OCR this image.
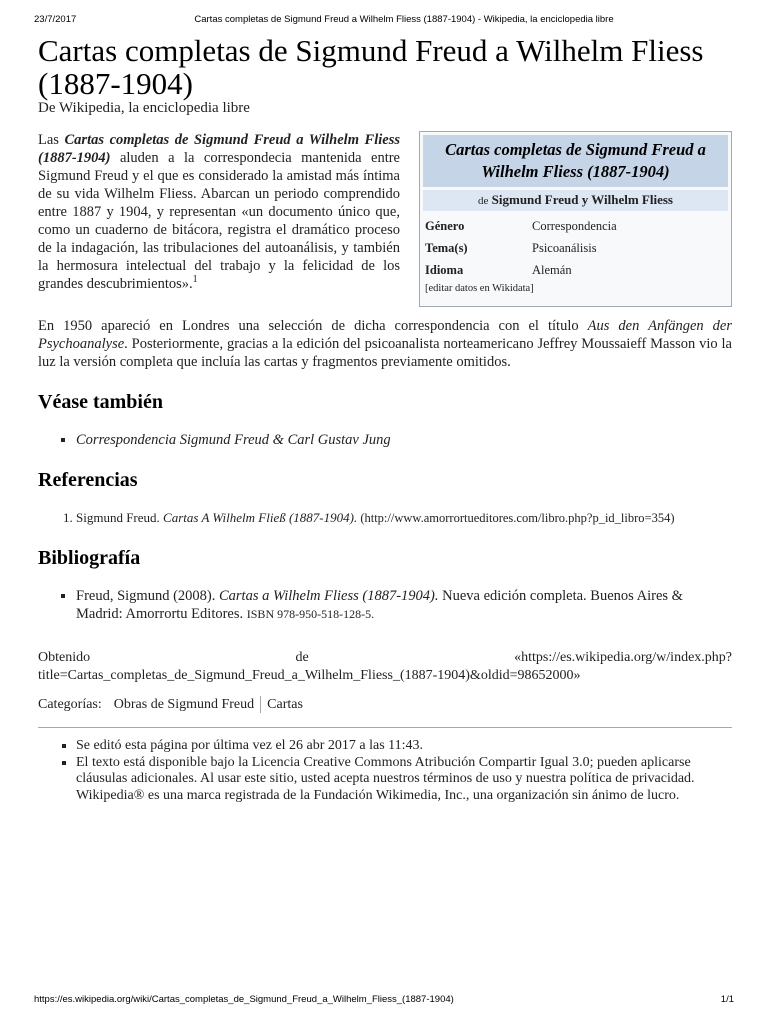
23/7/2017	Cartas completas de Sigmund Freud a Wilhelm Fliess (1887-1904) - Wikipedia, la enciclopedia libre
Cartas completas de Sigmund Freud a Wilhelm Fliess (1887-1904)
De Wikipedia, la enciclopedia libre
Las Cartas completas de Sigmund Freud a Wilhelm Fliess (1887-1904) aluden a la correspondecia mantenida entre Sigmund Freud y el que es considerado la amistad más íntima de su vida Wilhelm Fliess. Abarcan un periodo comprendido entre 1887 y 1904, y representan «un documento único que, como un cuaderno de bitácora, registra el dramático proceso de la indagación, las tribulaciones del autoanálisis, y también la hermosura intelectual del trabajo y la felicidad de los grandes descubrimientos».$^1$
Cartas completas de Sigmund Freud a Wilhelm Fliess (1887-1904)
de Sigmund Freud y Wilhelm Fliess
Género	Correspondencia
Tema(s)	Psicoanálisis
Idioma	Alemán
[editar datos en Wikidata]

En 1950 apareció en Londres una selección de dicha correspondencia con el título Aus den Anfängen der Psychoanalyse. Posteriormente, gracias a la edición del psicoanalista norteamericano Jeffrey Moussaieff Masson vio la luz la versión completa que incluía las cartas y fragmentos previamente omitidos.

Véase también
▪ Correspondencia Sigmund Freud & Carl Gustav Jung
Referencias
1. Sigmund Freud. Cartas A Wilhelm Fließ (1887-1904). (http://www.amorrortueditores.com/libro.php?p_id_libro=354)
Bibliografía
▪ Freud, Sigmund (2008). Cartas a Wilhelm Fliess (1887-1904). Nueva edición completa. Buenos Aires & Madrid: Amorrortu Editores. ISBN 978-950-518-128-5.
Obtenido	de	«https://es.wikipedia.org/w/index.php?
title=Cartas_completas_de_Sigmund_Freud_a_Wilhelm_Fliess_(1887-1904)&oldid=98652000»
Categorías: Obras de Sigmund Freud Cartas
▪ Se editó esta página por última vez el 26 abr 2017 a las 11:43.
▪ El texto está disponible bajo la Licencia Creative Commons Atribución Compartir Igual 3.0; pueden aplicarse cláusulas adicionales. Al usar este sitio, usted acepta nuestros términos de uso y nuestra política de privacidad.
Wikipedia® es una marca registrada de la Fundación Wikimedia, Inc., una organización sin ánimo de lucro.
https://es.wikipedia.org/wiki/Cartas_completas_de_Sigmund_Freud_a_Wilhelm_Fliess_(1887-1904)	1/1
